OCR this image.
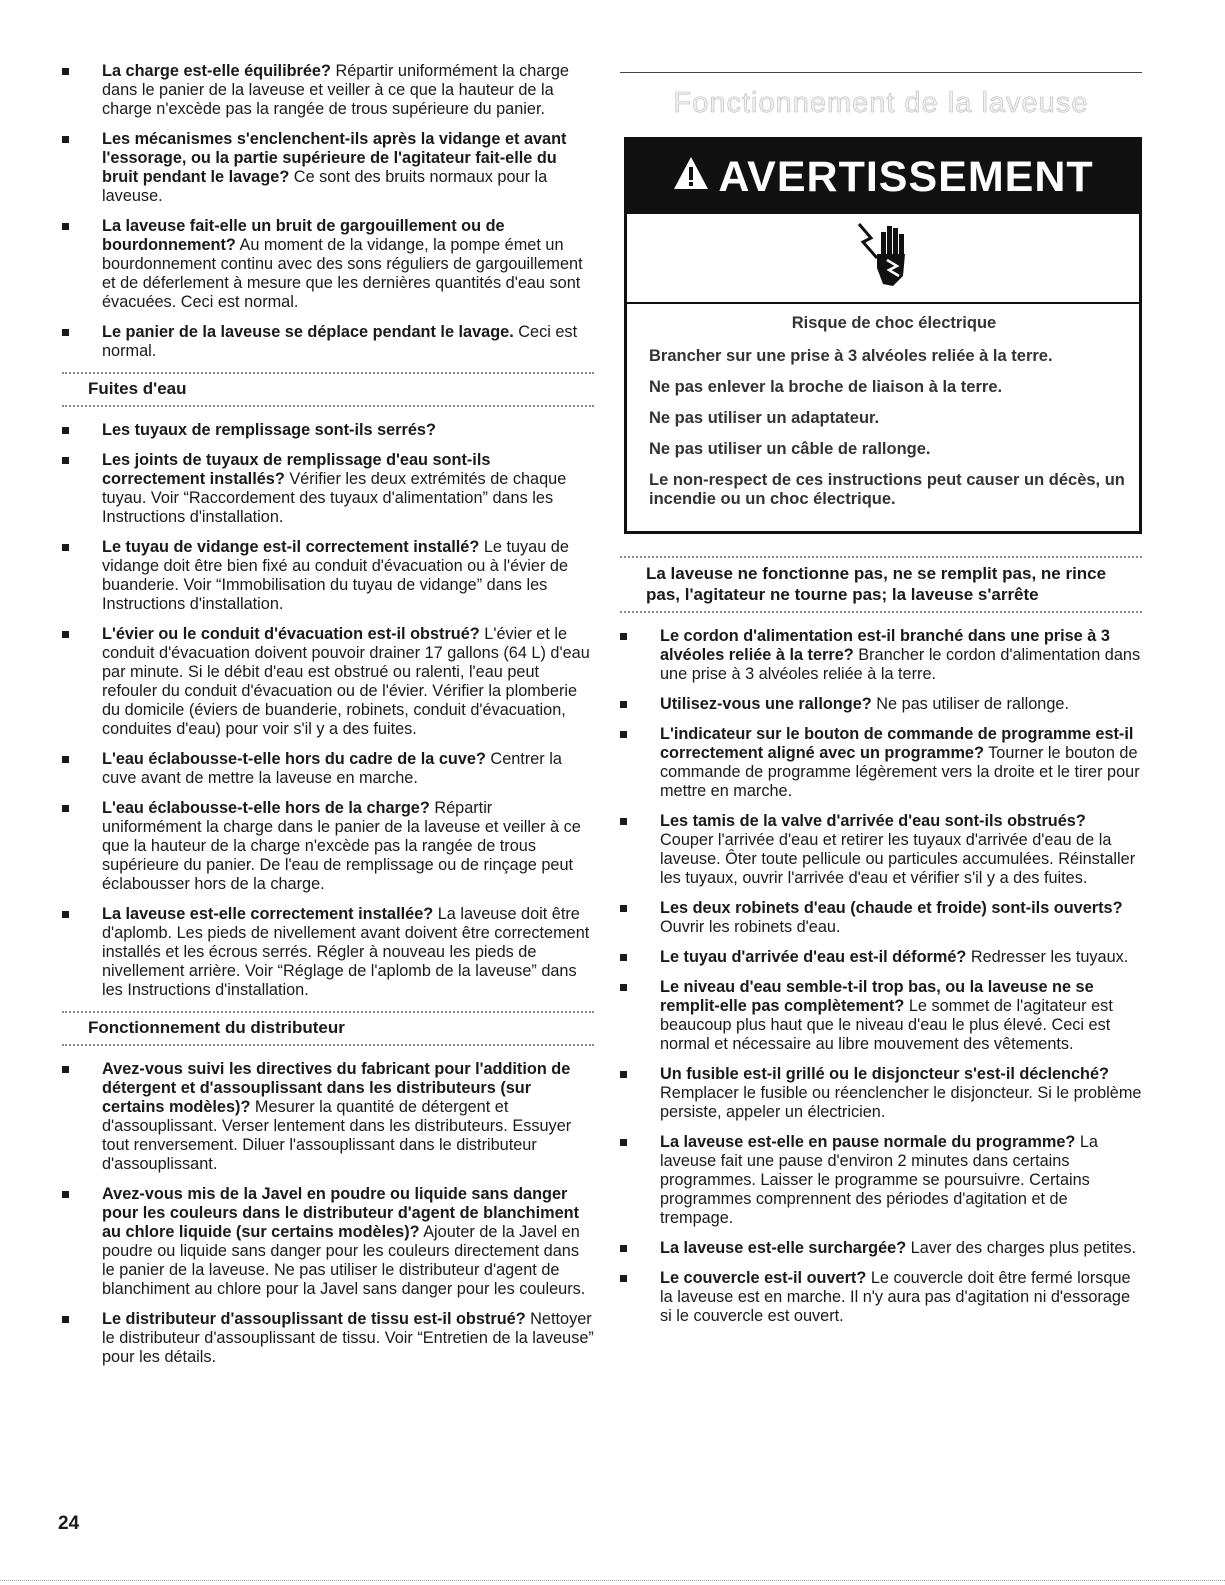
La charge est-elle équilibrée? Répartir uniformément la charge dans le panier de la laveuse et veiller à ce que la hauteur de la charge n'excède pas la rangée de trous supérieure du panier.
Les mécanismes s'enclenchent-ils après la vidange et avant l'essorage, ou la partie supérieure de l'agitateur fait-elle du bruit pendant le lavage? Ce sont des bruits normaux pour la laveuse.
La laveuse fait-elle un bruit de gargouillement ou de bourdonnement? Au moment de la vidange, la pompe émet un bourdonnement continu avec des sons réguliers de gargouillement et de déferlement à mesure que les dernières quantités d'eau sont évacuées. Ceci est normal.
Le panier de la laveuse se déplace pendant le lavage. Ceci est normal.
Fuites d'eau
Les tuyaux de remplissage sont-ils serrés?
Les joints de tuyaux de remplissage d'eau sont-ils correctement installés? Vérifier les deux extrémités de chaque tuyau. Voir “Raccordement des tuyaux d'alimentation” dans les Instructions d'installation.
Le tuyau de vidange est-il correctement installé? Le tuyau de vidange doit être bien fixé au conduit d'évacuation ou à l'évier de buanderie. Voir “Immobilisation du tuyau de vidange” dans les Instructions d'installation.
L'évier ou le conduit d'évacuation est-il obstrué? L'évier et le conduit d'évacuation doivent pouvoir drainer 17 gallons (64 L) d'eau par minute. Si le débit d'eau est obstrué ou ralenti, l'eau peut refouler du conduit d'évacuation ou de l'évier. Vérifier la plomberie du domicile (éviers de buanderie, robinets, conduit d'évacuation, conduites d'eau) pour voir s'il y a des fuites.
L'eau éclabousse-t-elle hors du cadre de la cuve? Centrer la cuve avant de mettre la laveuse en marche.
L'eau éclabousse-t-elle hors de la charge? Répartir uniformément la charge dans le panier de la laveuse et veiller à ce que la hauteur de la charge n'excède pas la rangée de trous supérieure du panier. De l'eau de remplissage ou de rinçage peut éclabousser hors de la charge.
La laveuse est-elle correctement installée? La laveuse doit être d'aplomb. Les pieds de nivellement avant doivent être correctement installés et les écrous serrés. Régler à nouveau les pieds de nivellement arrière. Voir “Réglage de l'aplomb de la laveuse” dans les Instructions d'installation.
Fonctionnement du distributeur
Avez-vous suivi les directives du fabricant pour l'addition de détergent et d'assouplissant dans les distributeurs (sur certains modèles)? Mesurer la quantité de détergent et d'assouplissant. Verser lentement dans les distributeurs. Essuyer tout renversement. Diluer l'assouplissant dans le distributeur d'assouplissant.
Avez-vous mis de la Javel en poudre ou liquide sans danger pour les couleurs dans le distributeur d'agent de blanchiment au chlore liquide (sur certains modèles)? Ajouter de la Javel en poudre ou liquide sans danger pour les couleurs directement dans le panier de la laveuse. Ne pas utiliser le distributeur d'agent de blanchiment au chlore pour la Javel sans danger pour les couleurs.
Le distributeur d'assouplissant de tissu est-il obstrué? Nettoyer le distributeur d'assouplissant de tissu. Voir “Entretien de la laveuse” pour les détails.
Fonctionnement de la laveuse
AVERTISSEMENT

Risque de choc électrique

Brancher sur une prise à 3 alvéoles reliée à la terre.

Ne pas enlever la broche de liaison à la terre.

Ne pas utiliser un adaptateur.

Ne pas utiliser un câble de rallonge.

Le non-respect de ces instructions peut causer un décès, un incendie ou un choc électrique.

La laveuse ne fonctionne pas, ne se remplit pas, ne rince pas, l'agitateur ne tourne pas; la laveuse s'arrête
Le cordon d'alimentation est-il branché dans une prise à 3 alvéoles reliée à la terre? Brancher le cordon d'alimentation dans une prise à 3 alvéoles reliée à la terre.
Utilisez-vous une rallonge? Ne pas utiliser de rallonge.
L'indicateur sur le bouton de commande de programme est-il correctement aligné avec un programme? Tourner le bouton de commande de programme légèrement vers la droite et le tirer pour mettre en marche.
Les tamis de la valve d'arrivée d'eau sont-ils obstrués? Couper l'arrivée d'eau et retirer les tuyaux d'arrivée d'eau de la laveuse. Ôter toute pellicule ou particules accumulées. Réinstaller les tuyaux, ouvrir l'arrivée d'eau et vérifier s'il y a des fuites.
Les deux robinets d'eau (chaude et froide) sont-ils ouverts? Ouvrir les robinets d'eau.
Le tuyau d'arrivée d'eau est-il déformé? Redresser les tuyaux.
Le niveau d'eau semble-t-il trop bas, ou la laveuse ne se remplit-elle pas complètement? Le sommet de l'agitateur est beaucoup plus haut que le niveau d'eau le plus élevé. Ceci est normal et nécessaire au libre mouvement des vêtements.
Un fusible est-il grillé ou le disjoncteur s'est-il déclenché? Remplacer le fusible ou réenclencher le disjoncteur. Si le problème persiste, appeler un électricien.
La laveuse est-elle en pause normale du programme? La laveuse fait une pause d'environ 2 minutes dans certains programmes. Laisser le programme se poursuivre. Certains programmes comprennent des périodes d'agitation et de trempage.
La laveuse est-elle surchargée? Laver des charges plus petites.
Le couvercle est-il ouvert? Le couvercle doit être fermé lorsque la laveuse est en marche. Il n'y aura pas d'agitation ni d'essorage si le couvercle est ouvert.
24
